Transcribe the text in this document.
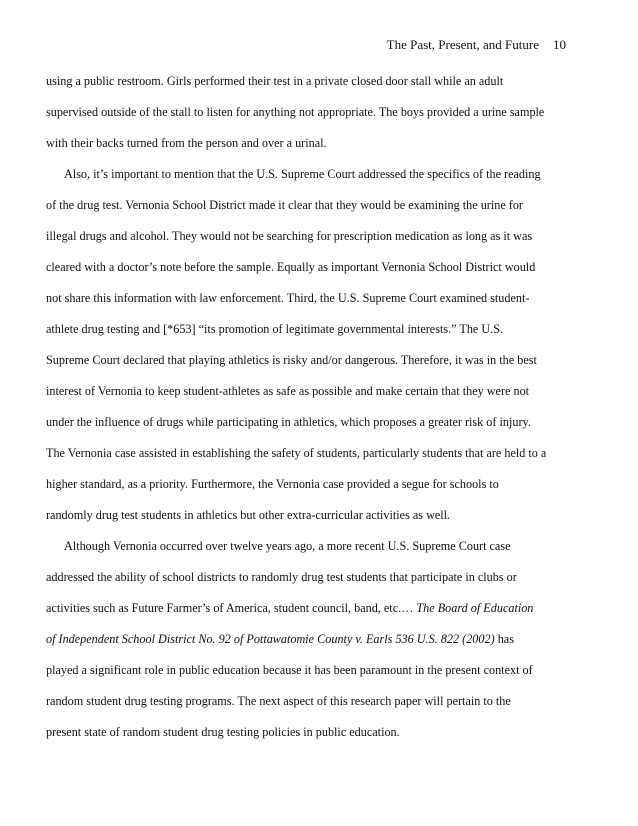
The Past, Present, and Future 10
using a public restroom. Girls performed their test in a private closed door stall while an adult
supervised outside of the stall to listen for anything not appropriate. The boys provided a urine sample
with their backs turned from the person and over a urinal.
Also, it’s important to mention that the U.S. Supreme Court addressed the specifics of the reading
of the drug test. Vernonia School District made it clear that they would be examining the urine for
illegal drugs and alcohol. They would not be searching for prescription medication as long as it was
cleared with a doctor’s note before the sample. Equally as important Vernonia School District would
not share this information with law enforcement. Third, the U.S. Supreme Court examined student-
athlete drug testing and [*653] “its promotion of legitimate governmental interests.” The U.S.
Supreme Court declared that playing athletics is risky and/or dangerous. Therefore, it was in the best
interest of Vernonia to keep student-athletes as safe as possible and make certain that they were not
under the influence of drugs while participating in athletics, which proposes a greater risk of injury.
The Vernonia case assisted in establishing the safety of students, particularly students that are held to a
higher standard, as a priority. Furthermore, the Vernonia case provided a segue for schools to
randomly drug test students in athletics but other extra-curricular activities as well.
Although Vernonia occurred over twelve years ago, a more recent U.S. Supreme Court case
addressed the ability of school districts to randomly drug test students that participate in clubs or
activities such as Future Farmer’s of America, student council, band, etc.… The Board of Education
of Independent School District No. 92 of Pottawatomie County v. Earls 536 U.S. 822 (2002) has
played a significant role in public education because it has been paramount in the present context of
random student drug testing programs. The next aspect of this research paper will pertain to the
present state of random student drug testing policies in public education.
